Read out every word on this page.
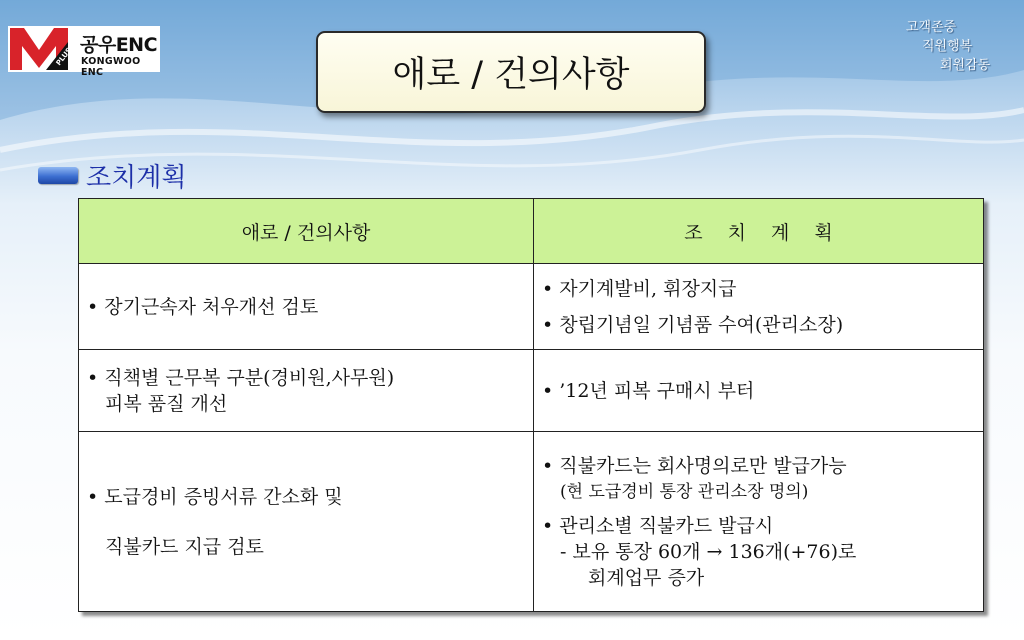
PLUS
공우ENC
KONGWOO ENC	애로 / 건의사항
고객존중
직원행복
회원감동
조치계획
애로 / 건의사항	조　 치　 계　 획

• 장기근속자 처우개선 검토	• 자기계발비, 휘장지급
• 창립기념일 기념품 수여(관리소장)

• 직책별 근무복 구분(경비원,사무원)
피복 품질 개선	• ’12년 피복 구매시 부터

• 도급경비 증빙서류 간소화 및
직불카드 지급 검토	• 직불카드는 회사명의로만 발급가능
(현 도급경비 통장 관리소장 명의)
• 관리소별 직불카드 발급시
- 보유 통장 60개 → 136개(+76)로
회계업무 증가
